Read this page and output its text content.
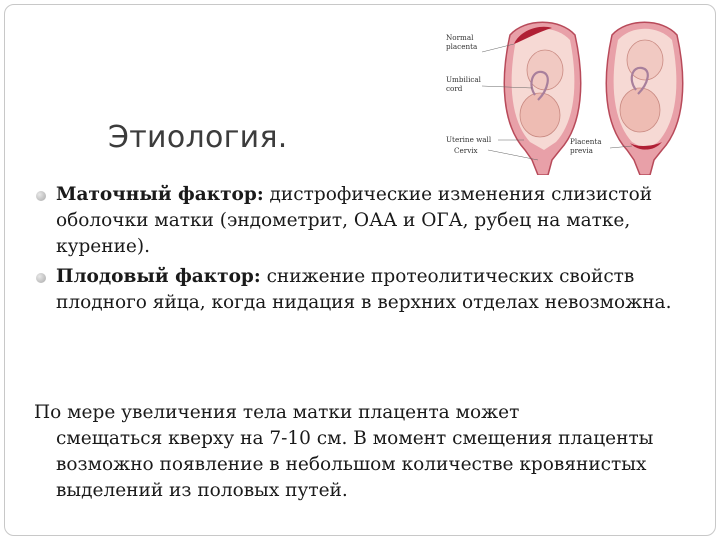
Normal
placenta
Umbilical
cord
Uterine wall
Cervix
Placenta
previa
Этиология.
Маточный фактор: дистрофические изменения слизистой оболочки матки (эндометрит, ОАА и ОГА, рубец на матке, курение).
Плодовый фактор: снижение протеолитических свойств плодного яйца, когда нидация в верхних отделах невозможна.
По мере увеличения тела матки плацента может
смещаться кверху на 7-10 см. В момент смещения плаценты возможно появление в небольшом количестве кровянистых выделений из половых путей.
